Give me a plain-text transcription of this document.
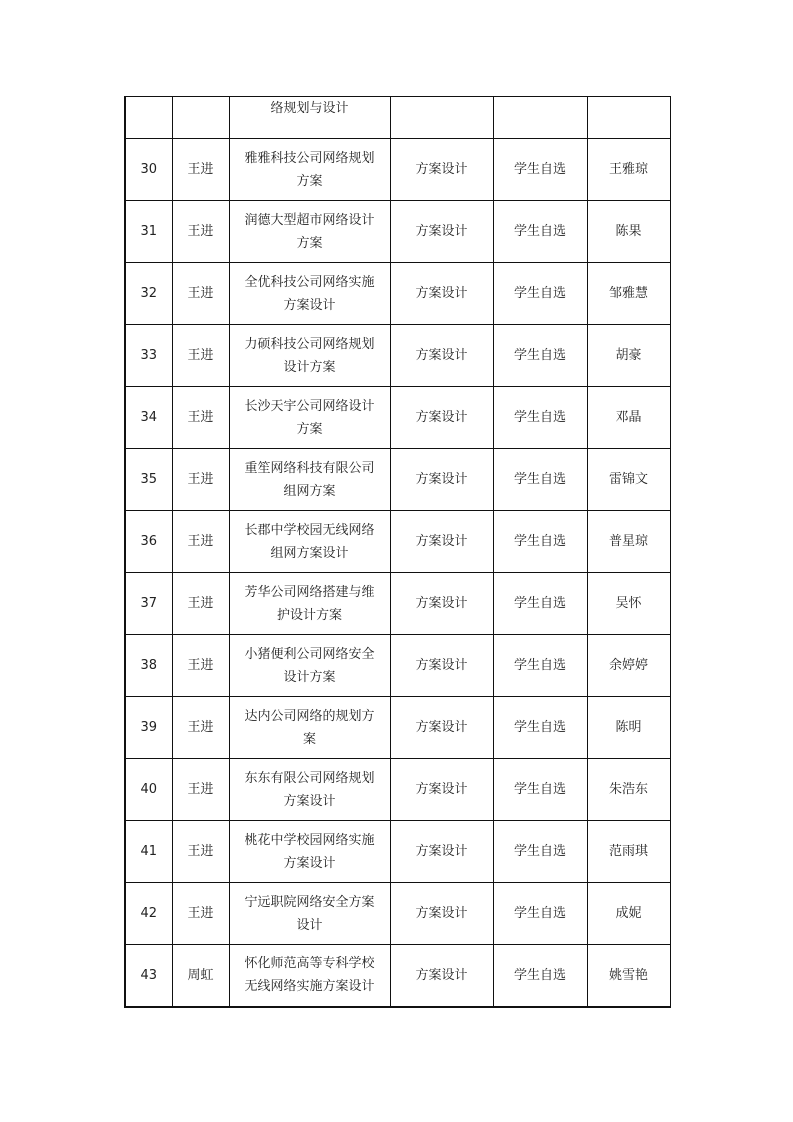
		络规划与设计			
30	王进	雅雅科技公司网络规划方案	方案设计	学生自选	王雅琼
31	王进	润德大型超市网络设计方案	方案设计	学生自选	陈果
32	王进	全优科技公司网络实施方案设计	方案设计	学生自选	邹雅慧
33	王进	力硕科技公司网络规划设计方案	方案设计	学生自选	胡豪
34	王进	长沙天宇公司网络设计方案	方案设计	学生自选	邓晶
35	王进	重笙网络科技有限公司组网方案	方案设计	学生自选	雷锦文
36	王进	长郡中学校园无线网络组网方案设计	方案设计	学生自选	普星琼
37	王进	芳华公司网络搭建与维护设计方案	方案设计	学生自选	吴怀
38	王进	小猪便利公司网络安全设计方案	方案设计	学生自选	余婷婷
39	王进	达内公司网络的规划方案	方案设计	学生自选	陈明
40	王进	东东有限公司网络规划方案设计	方案设计	学生自选	朱浩东
41	王进	桃花中学校园网络实施方案设计	方案设计	学生自选	范雨琪
42	王进	宁远职院网络安全方案设计	方案设计	学生自选	成妮
43	周虹	怀化师范高等专科学校无线网络实施方案设计	方案设计	学生自选	姚雪艳
